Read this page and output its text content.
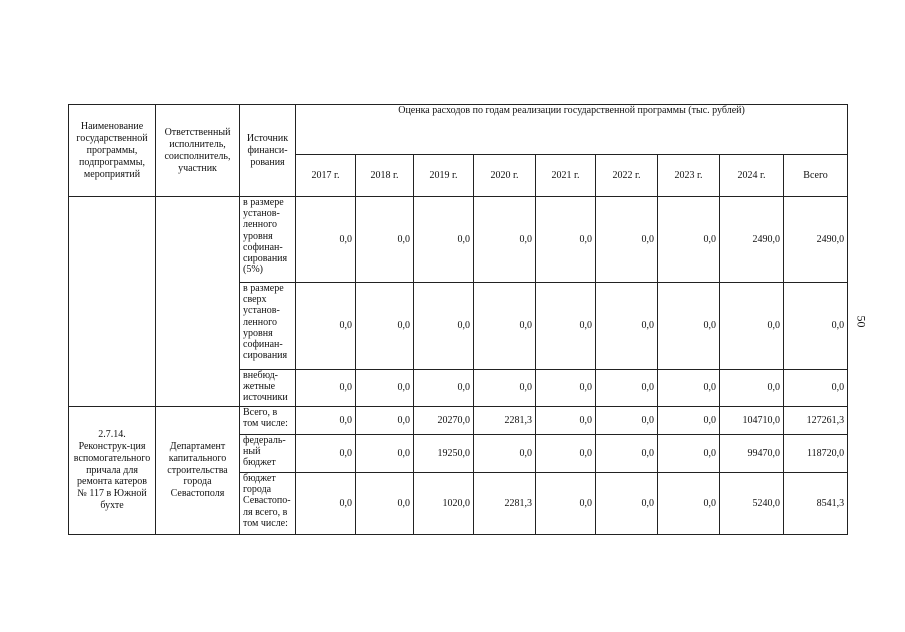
Наименование государственной программы, подпрограммы, мероприятий	Ответственный исполнитель, соисполнитель, участник	Источник финанси-рования	Оценка расходов по годам реализации государственной программы (тыс. рублей)								
			2017 г.	2018 г.	2019 г.	2020 г.	2021 г.	2022 г.	2023 г.	2024 г.	Всего
		в размере установ-ленного уровня софинан-сирования (5%)	0,0	0,0	0,0	0,0	0,0	0,0	0,0	2490,0	2490,0
		в размере сверх установ-ленного уровня софинан-сирования	0,0	0,0	0,0	0,0	0,0	0,0	0,0	0,0	0,0
		внебюд-жетные источники	0,0	0,0	0,0	0,0	0,0	0,0	0,0	0,0	0,0
2.7.14. Реконструк-ция вспомогательного причала для ремонта катеров № 117 в Южной бухте	Департамент капитального строительства города Севастополя	Всего, в том числе:	0,0	0,0	20270,0	2281,3	0,0	0,0	0,0	104710,0	127261,3
		федераль-ный бюджет	0,0	0,0	19250,0	0,0	0,0	0,0	0,0	99470,0	118720,0
		бюджет города Севастопо-ля всего, в том числе:	0,0	0,0	1020,0	2281,3	0,0	0,0	0,0	5240,0	8541,3
50
